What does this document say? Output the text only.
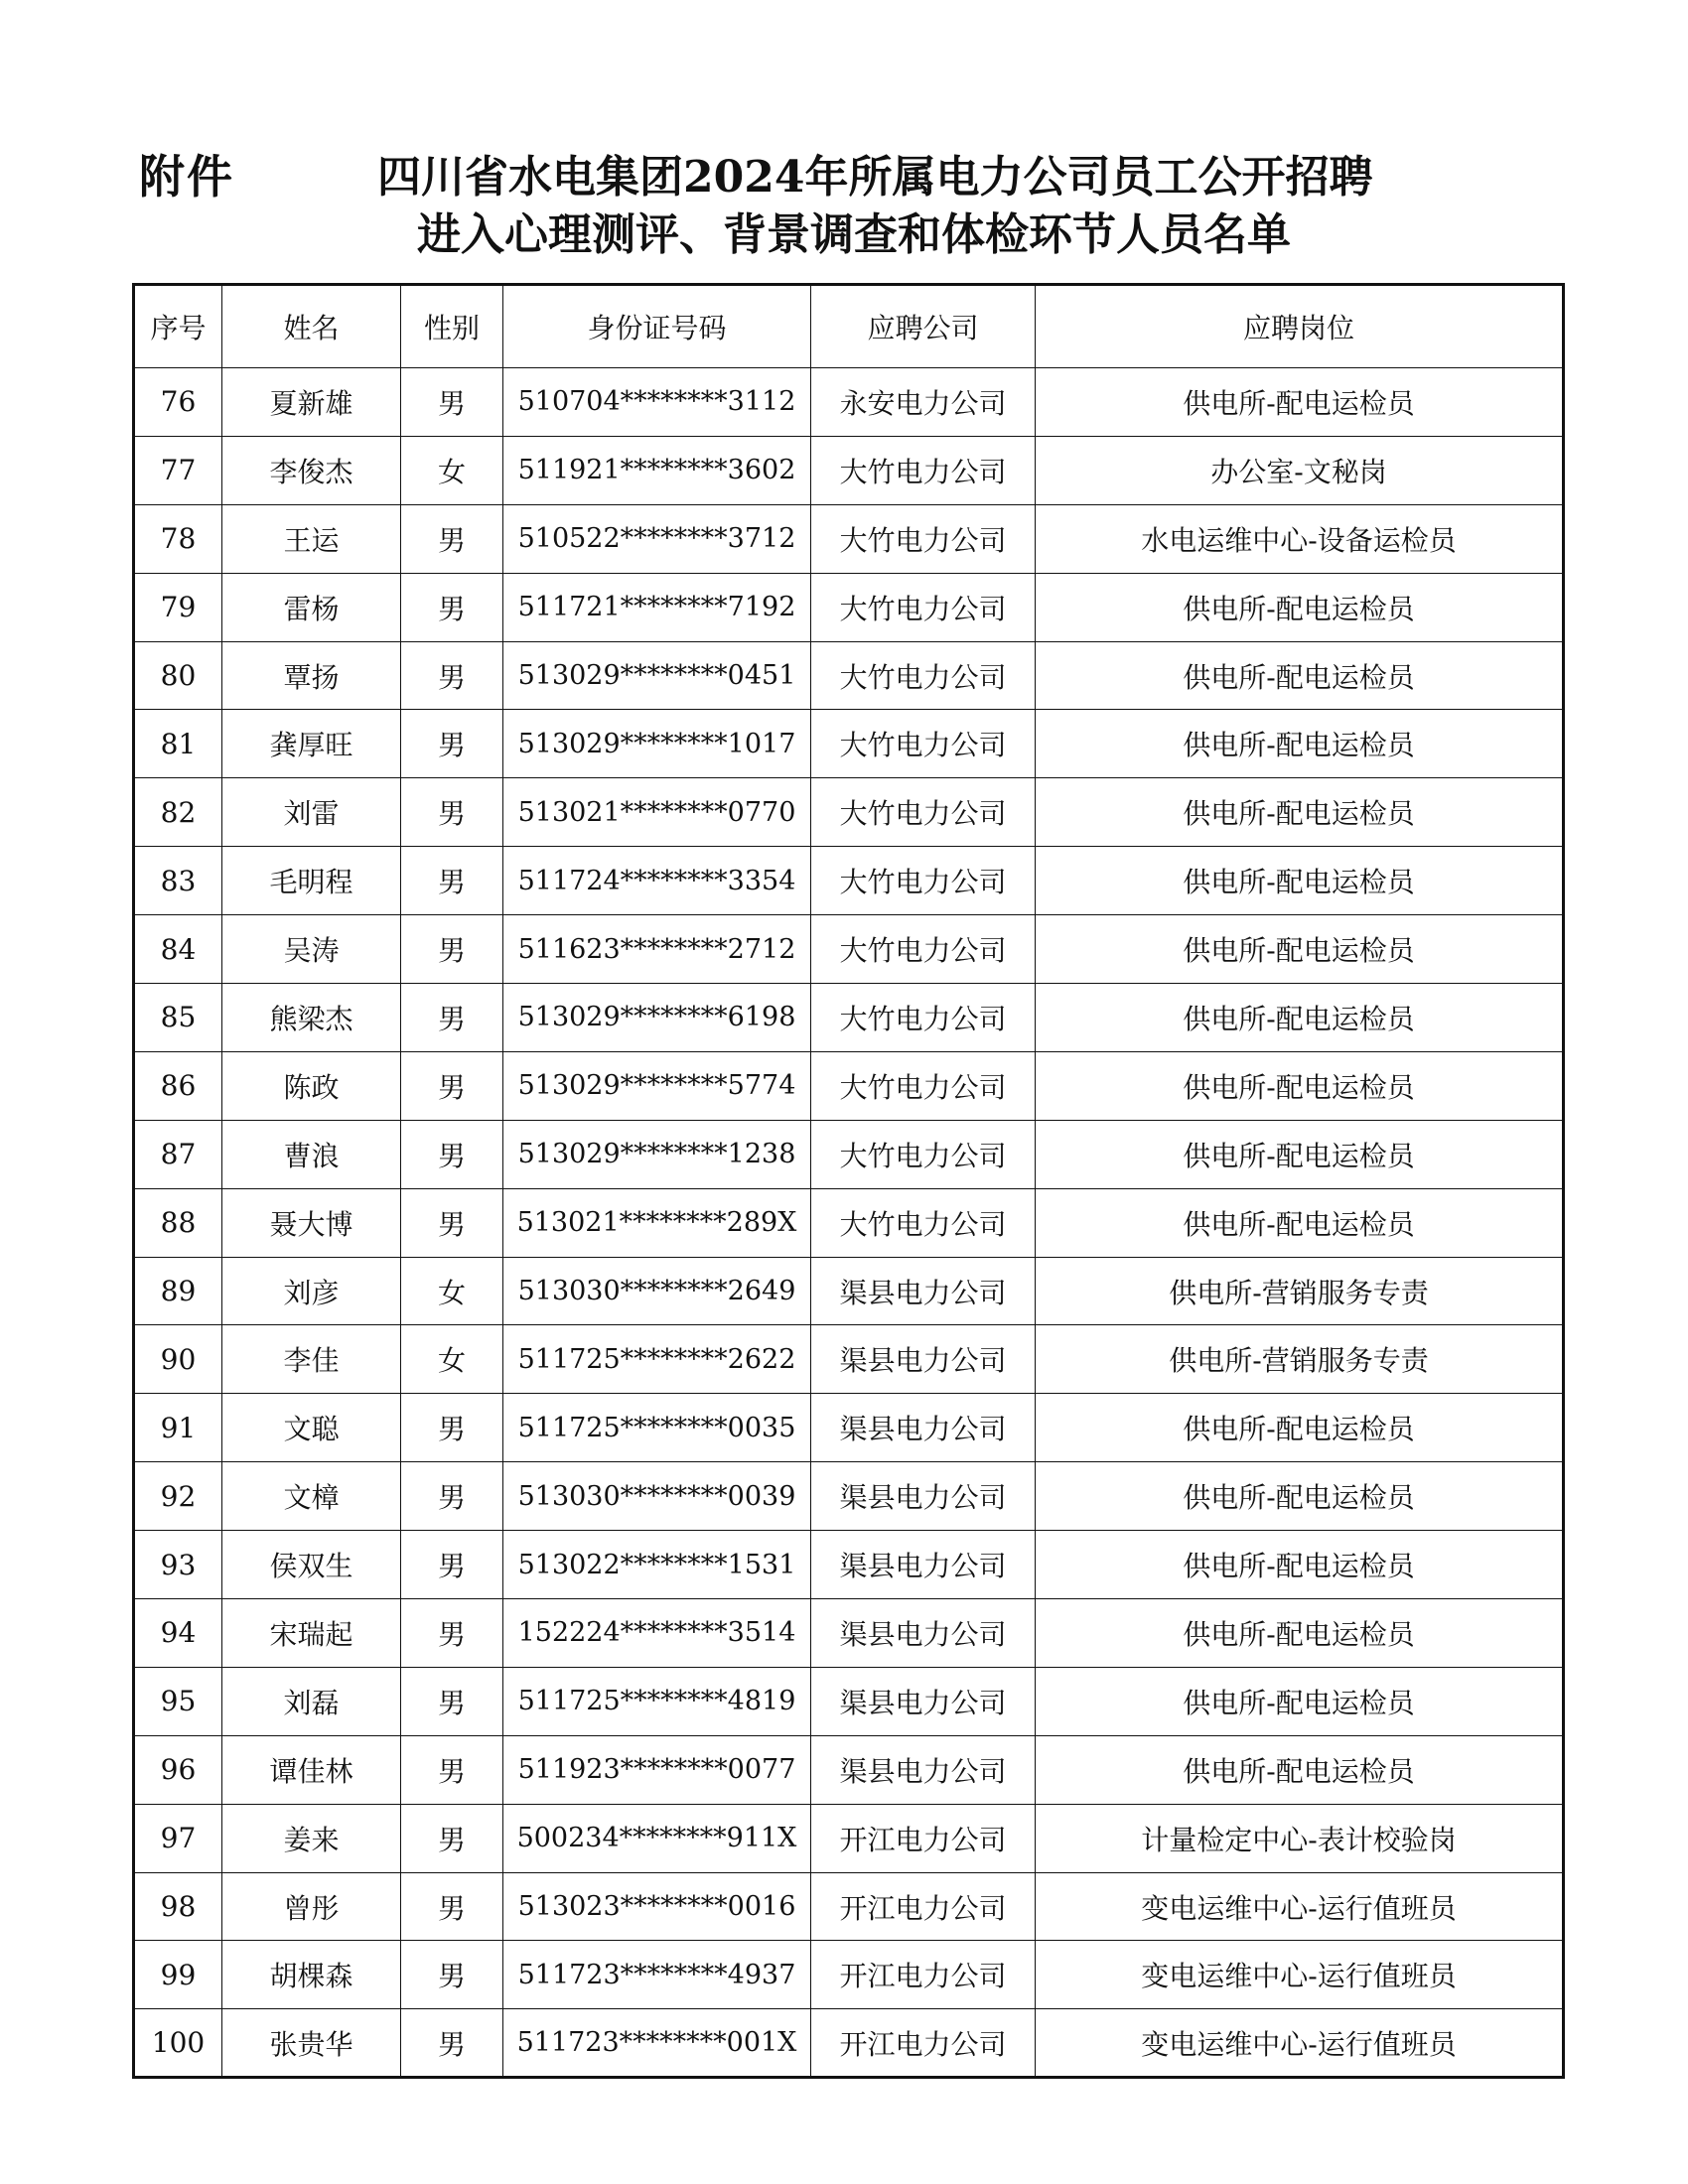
附件	四川省水电集团2024年所属电力公司员工公开招聘
进入心理测评、背景调查和体检环节人员名单
序号	姓名	性别	身份证号码	应聘公司	应聘岗位
76	夏新雄	男	510704********3112	永安电力公司	供电所-配电运检员
77	李俊杰	女	511921********3602	大竹电力公司	办公室-文秘岗
78	王运	男	510522********3712	大竹电力公司	水电运维中心-设备运检员
79	雷杨	男	511721********7192	大竹电力公司	供电所-配电运检员
80	覃扬	男	513029********0451	大竹电力公司	供电所-配电运检员
81	龚厚旺	男	513029********1017	大竹电力公司	供电所-配电运检员
82	刘雷	男	513021********0770	大竹电力公司	供电所-配电运检员
83	毛明程	男	511724********3354	大竹电力公司	供电所-配电运检员
84	吴涛	男	511623********2712	大竹电力公司	供电所-配电运检员
85	熊梁杰	男	513029********6198	大竹电力公司	供电所-配电运检员
86	陈政	男	513029********5774	大竹电力公司	供电所-配电运检员
87	曹浪	男	513029********1238	大竹电力公司	供电所-配电运检员
88	聂大博	男	513021********289X	大竹电力公司	供电所-配电运检员
89	刘彦	女	513030********2649	渠县电力公司	供电所-营销服务专责
90	李佳	女	511725********2622	渠县电力公司	供电所-营销服务专责
91	文聪	男	511725********0035	渠县电力公司	供电所-配电运检员
92	文樟	男	513030********0039	渠县电力公司	供电所-配电运检员
93	侯双生	男	513022********1531	渠县电力公司	供电所-配电运检员
94	宋瑞起	男	152224********3514	渠县电力公司	供电所-配电运检员
95	刘磊	男	511725********4819	渠县电力公司	供电所-配电运检员
96	谭佳林	男	511923********0077	渠县电力公司	供电所-配电运检员
97	姜来	男	500234********911X	开江电力公司	计量检定中心-表计校验岗
98	曾彤	男	513023********0016	开江电力公司	变电运维中心-运行值班员
99	胡棵森	男	511723********4937	开江电力公司	变电运维中心-运行值班员
100	张贵华	男	511723********001X	开江电力公司	变电运维中心-运行值班员
